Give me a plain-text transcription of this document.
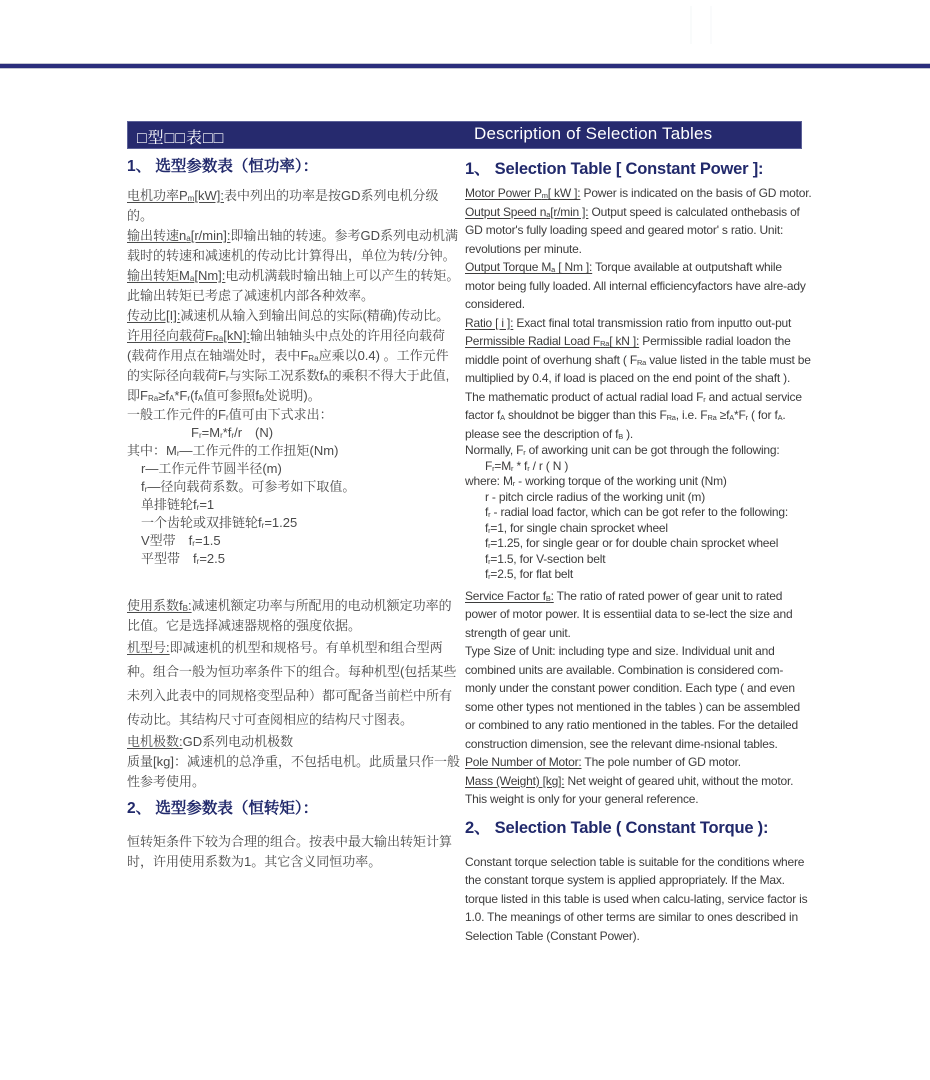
□型□□表□□	Description of Selection Tables
1、 选型参数表（恒功率）：

电机功率$P_m[kW]$:表中列出的功率是按GD系列电机分级的。

输出转速$n_a[r/\min]$:即输出轴的转速。参考GD系列电动机满载时的转速和减速机的传动比计算得出，单位为转/分钟。

输出转矩$M_a[Nm]$:电动机满载时输出轴上可以产生的转矩。此输出转矩已考虑了减速机内部各种效率。

传动比[I]:减速机从输入到输出间总的实际(精确)传动比。

许用径向载荷$F_{Ra}[kN]$:输出轴轴头中点处的许用径向载荷(载荷作用点在轴端处时，表中$F_{Ra}$应乘以0.4) 。工作元件的实际径向载荷$F_r$与实际工况系数$f_A$的乘积不得大于此值,即$F_{Ra}\ge f_A*F_r(f_A$值可参照$f_B$处说明)。

一般工作元件的$F_r$值可由下式求出：
$F_r=M_r*f_r/r$　(N)
其中：$M_r—$工作元件的工作扭矩(Nm)
r—工作元件节圆半径(m)
$f_r—$径向载荷系数。可参考如下取值。
单排链轮$f_r=1$
一个齿轮或双排链轮$f_r=1.25$
V型带　$f_r=1.5$
平型带　$f_r=2.5$

使用系数$f_B$:减速机额定功率与所配用的电动机额定功率的比值。它是选择减速器规格的强度依据。

机型号:即减速机的机型和规格号。有单机型和组合型两种。组合一般为恒功率条件下的组合。每种机型(包括某些未列入此表中的同规格变型品种）都可配备当前栏中所有传动比。其结构尺寸可查阅相应的结构尺寸图表。

电机极数:GD系列电动机极数

质量[kg]：减速机的总净重，不包括电机。此质量只作一般性参考使用。

2、 选型参数表（恒转矩）：

恒转矩条件下较为合理的组合。按表中最大输出转矩计算时，许用使用系数为1。其它含义同恒功率。

1、 Selection Table [ Constant Power ]:

Motor Power $P_m$[ kW ]: Power is indicated on the basis of GD motor.

Output Speed $n_a[r/\min$ ]: Output speed is calculated onthebasis of GD motor's fully loading speed and geared motor' s ratio. Unit: revolutions per minute.

Output Torque $M_a$ [ Nm ]: Torque available at outputshaft while motor being fully loaded. All internal efficiencyfactors have alre-ady considered.

Ratio [ i ]: Exact final total transmission ratio from inputto out-put

Permissible Radial Load $F_{Ra}$[ kN ]: Permissible radial loadon the middle point of overhung shaft ( $F_{Ra}$ value listed in the table must be multiplied by 0.4, if load is placed on the end point of the shaft ). The mathematic product of actual radial load $F_r$ and actual service factor $f_A$ shouldnot be bigger than this $F_{Ra}$, i.e. $F_{Ra} \ge f_A*F_r$ ( for $f_A$. please see the description of $f_B$ ).

Normally, $F_r$ of aworking unit can be got through the following:
$F_r=M_r * f_r / r$ ( N )
where: $M_r$ - working torque of the working unit (Nm)
r - pitch circle radius of the working unit (m)
$f_r$ - radial load factor, which can be got refer to the following:
$f_r=1$, for single chain sprocket wheel
$f_r=1.25$, for single gear or for double chain sprocket wheel
$f_r=1.5$, for V-section belt
$f_r=2.5$, for flat belt

Service Factor $f_B$: The ratio of rated power of gear unit to rated power of motor power. It is essentiial data to se-lect the size and strength of gear unit.

Type Size of Unit: including type and size. Individual unit and combined units are available. Combination is considered com-monly under the constant power condition. Each type ( and even some other types not mentioned in the tables ) can be assembled or combined to any ratio mentioned in the tables. For the detailed construction dimension, see the relevant dime-nsional tables.

Pole Number of Motor: The pole number of GD motor.

Mass (Weight) [kg]: Net weight of geared uhit, without the motor. This weight is only for your general reference.

2、 Selection Table ( Constant Torque ):

Constant torque selection table is suitable for the conditions where the constant torque system is applied appropriately. If the Max. torque listed in this table is used when calcu-lating, service factor is 1.0. The meanings of other terms are similar to ones described in Selection Table (Constant Power).
